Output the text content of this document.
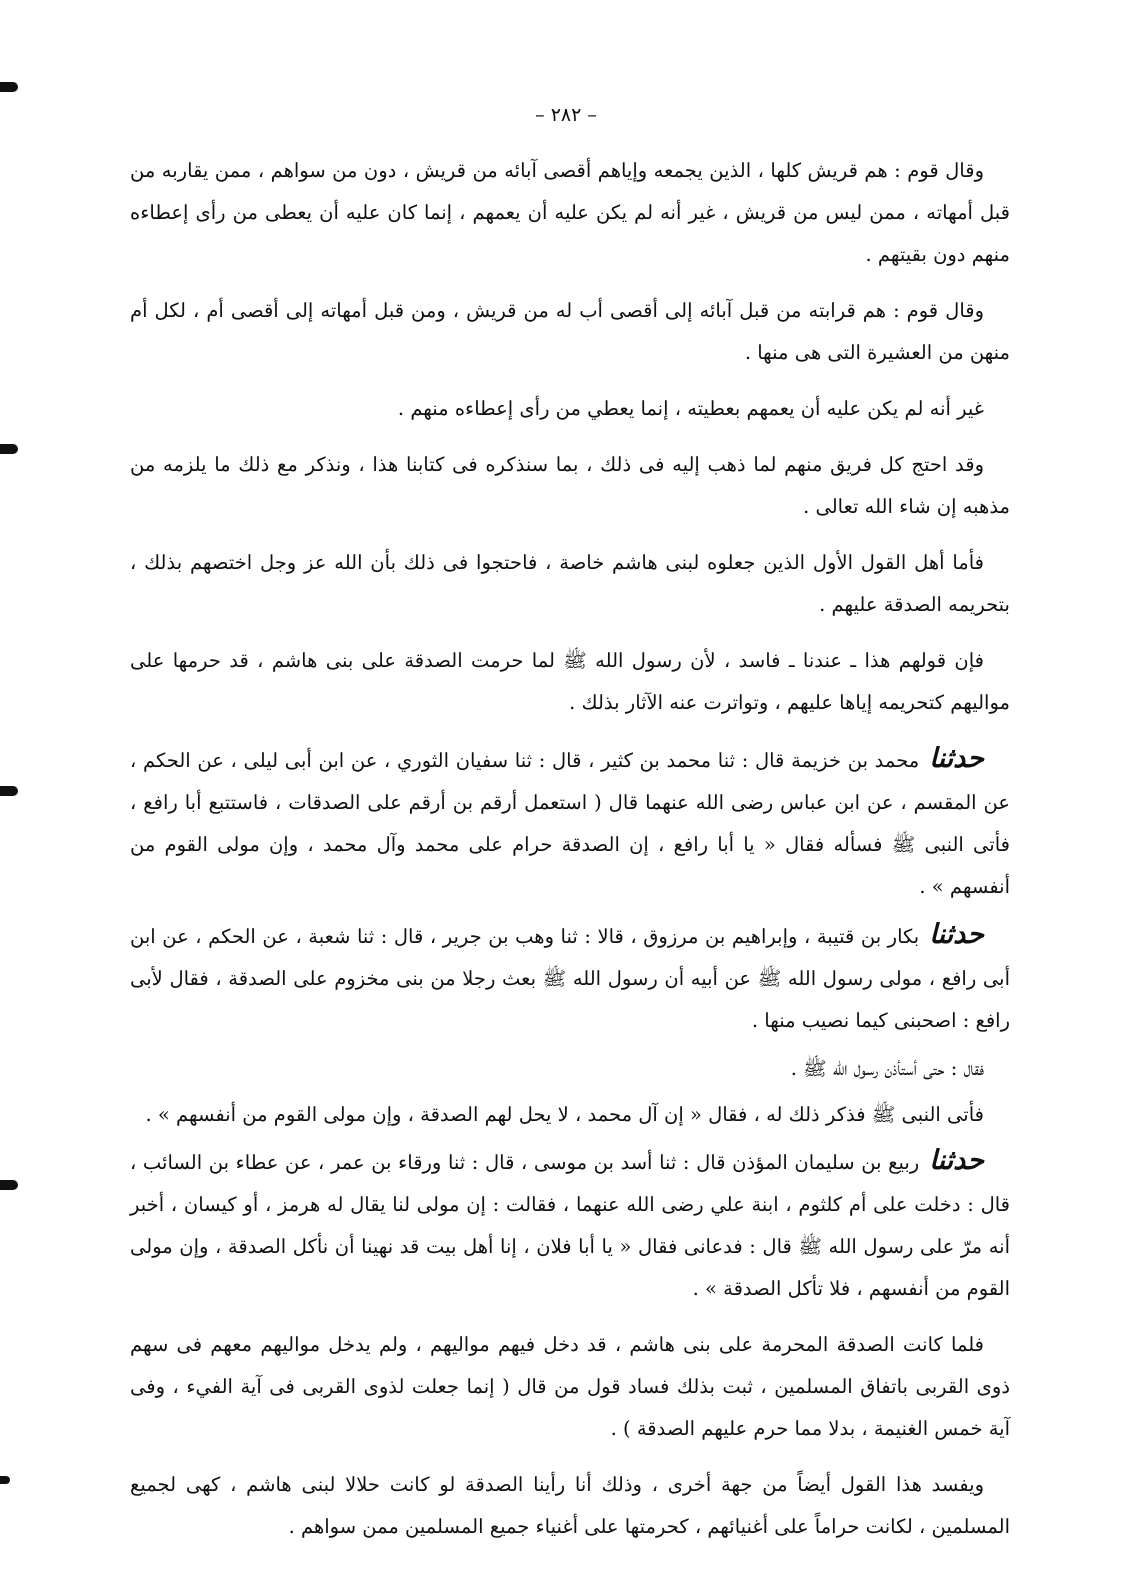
– ٢٨٢ –

وقال قوم : هم قريش كلها ، الذين يجمعه وإياهم أقصى آبائه من قريش ، دون من سواهم ، ممن يقاربه من قبل أمهاته ، ممن ليس من قريش ، غير أنه لم يكن عليه أن يعمهم ، إنما كان عليه أن يعطى من رأى إعطاءه منهم دون بقيتهم .

وقال قوم : هم قرابته من قبل آبائه إلى أقصى أب له من قريش ، ومن قبل أمهاته إلى أقصى أم ، لكل أم منهن من العشيرة التى هى منها .

غير أنه لم يكن عليه أن يعمهم بعطيته ، إنما يعطي من رأى إعطاءه منهم .

وقد احتج كل فريق منهم لما ذهب إليه فى ذلك ، بما سنذكره فى كتابنا هذا ، ونذكر مع ذلك ما يلزمه من مذهبه إن شاء الله تعالى .

فأما أهل القول الأول الذين جعلوه لبنى هاشم خاصة ، فاحتجوا فى ذلك بأن الله عز وجل اختصهم بذلك ، بتحريمه الصدقة عليهم .

فإن قولهم هذا ـ عندنا ـ فاسد ، لأن رسول الله ﷺ لما حرمت الصدقة على بنى هاشم ، قد حرمها على مواليهم كتحريمه إياها عليهم ، وتواترت عنه الآثار بذلك .

حدثنامحمد بن خزيمة قال : ثنا محمد بن كثير ، قال : ثنا سفيان الثوري ، عن ابن أبى ليلى ، عن الحكم ، عن المقسم ، عن ابن عباس رضى الله عنهما قال ( استعمل أرقم بن أرقم على الصدقات ، فاستتبع أبا رافع ، فأتى النبى ﷺ فسأله فقال « يا أبا رافع ، إن الصدقة حرام على محمد وآل محمد ، وإن مولى القوم من أنفسهم » .

حدثنابكار بن قتيبة ، وإبراهيم بن مرزوق ، قالا : ثنا وهب بن جرير ، قال : ثنا شعبة ، عن الحكم ، عن ابن أبى رافع ، مولى رسول الله ﷺ عن أبيه أن رسول الله ﷺ بعث رجلا من بنى مخزوم على الصدقة ، فقال لأبى رافع : اصحبنى كيما نصيب منها .

فقال : حتى أستأذن رسول الله ﷺ .

فأتى النبى ﷺ فذكر ذلك له ، فقال « إن آل محمد ، لا يحل لهم الصدقة ، وإن مولى القوم من أنفسهم » .

حدثناربيع بن سليمان المؤذن قال : ثنا أسد بن موسى ، قال : ثنا ورقاء بن عمر ، عن عطاء بن السائب ، قال : دخلت على أم كلثوم ، ابنة علي رضى الله عنهما ، فقالت : إن مولى لنا يقال له هرمز ، أو كيسان ، أخبر أنه مرّ على رسول الله ﷺ قال : فدعانى فقال « يا أبا فلان ، إنا أهل بيت قد نهينا أن نأكل الصدقة ، وإن مولى القوم من أنفسهم ، فلا تأكل الصدقة » .

فلما كانت الصدقة المحرمة على بنى هاشم ، قد دخل فيهم مواليهم ، ولم يدخل مواليهم معهم فى سهم ذوى القربى باتفاق المسلمين ، ثبت بذلك فساد قول من قال ( إنما جعلت لذوى القربى فى آية الفيء ، وفى آية خمس الغنيمة ، بدلا مما حرم عليهم الصدقة ) .

ويفسد هذا القول أيضاً من جهة أخرى ، وذلك أنا رأينا الصدقة لو كانت حلالا لبنى هاشم ، كهى لجميع المسلمين ، لكانت حراماً على أغنيائهم ، كحرمتها على أغنياء جميع المسلمين ممن سواهم .
